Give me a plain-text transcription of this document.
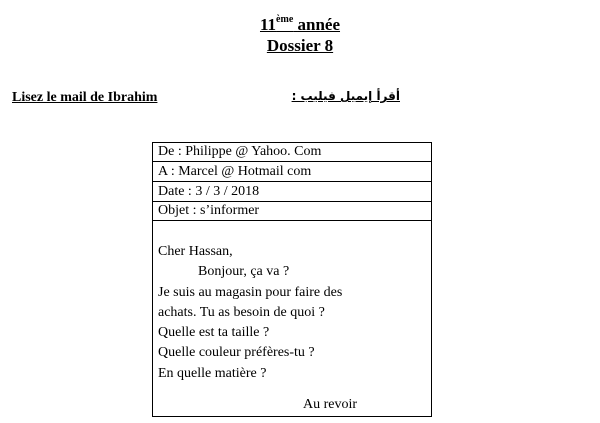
11ème année
Dossier 8
Lisez le mail de Ibrahim	أقرأ إيميل فيليب :
De : Philippe @ Yahoo. Com
A : Marcel @ Hotmail com
Date : 3 / 3 / 2018
Objet : s’informer
Cher Hassan,
Bonjour, ça va ?
Je suis au magasin pour faire des
achats. Tu as besoin de quoi ?
Quelle est ta taille ?
Quelle couleur préfères-tu ?
En quelle matière ?
Au revoir
